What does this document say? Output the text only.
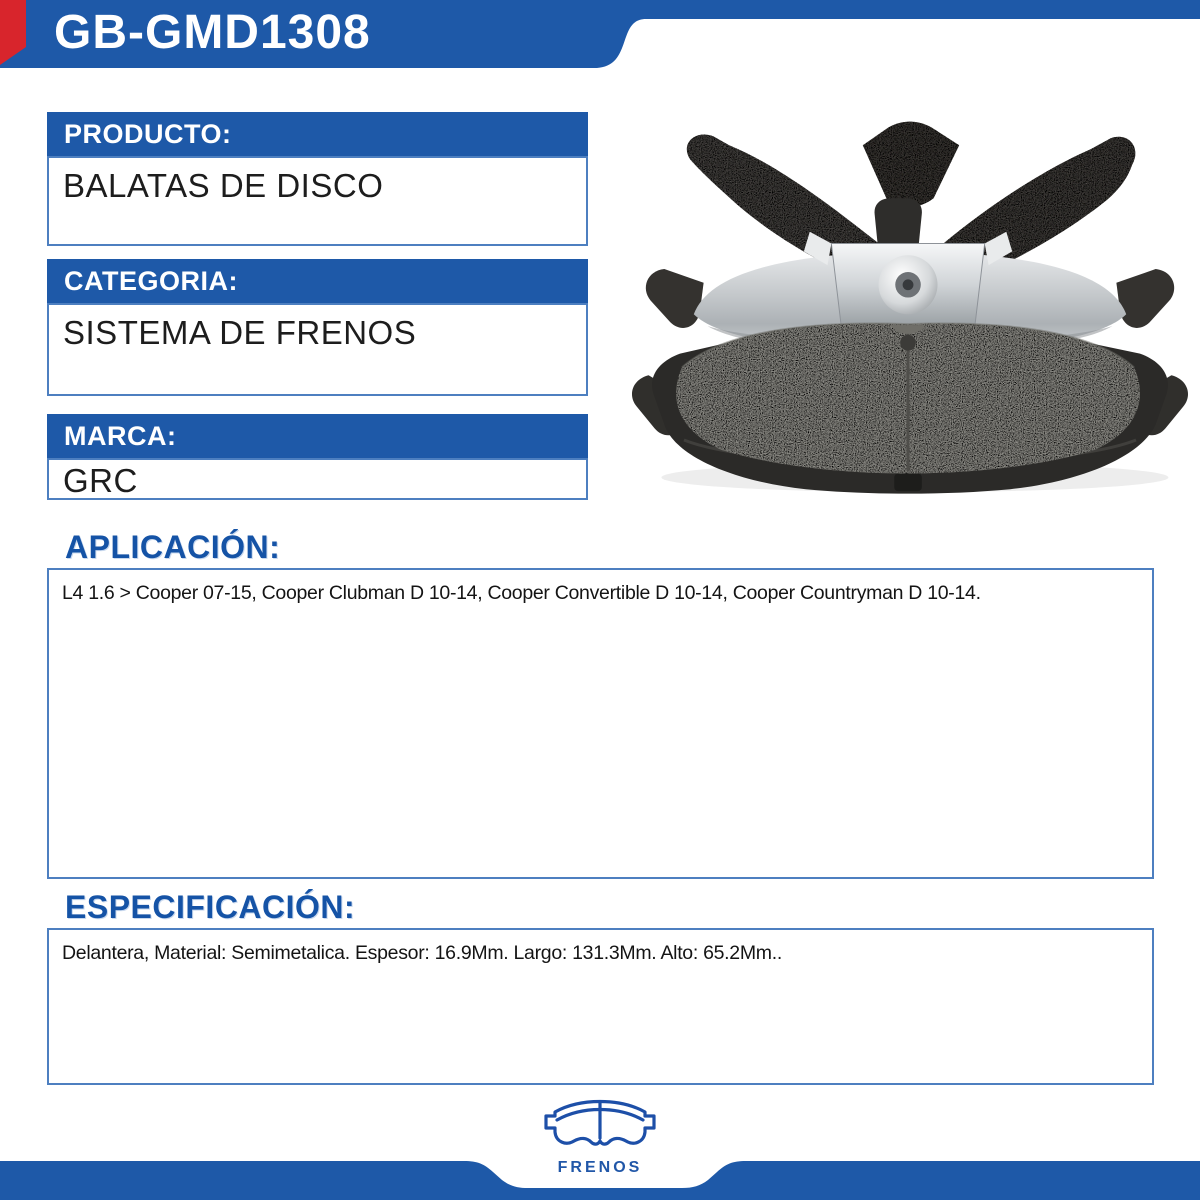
GB-GMD1308
PRODUCTO:
BALATAS DE DISCO
CATEGORIA:
SISTEMA DE FRENOS
MARCA:
GRC
APLICACIÓN:

L4 1.6 > Cooper 07-15, Cooper Clubman D 10-14, Cooper Convertible D 10-14, Cooper Countryman D 10-14.

ESPECIFICACIÓN:

Delantera, Material: Semimetalica. Espesor: 16.9Mm. Largo: 131.3Mm. Alto: 65.2Mm..

FRENOS
